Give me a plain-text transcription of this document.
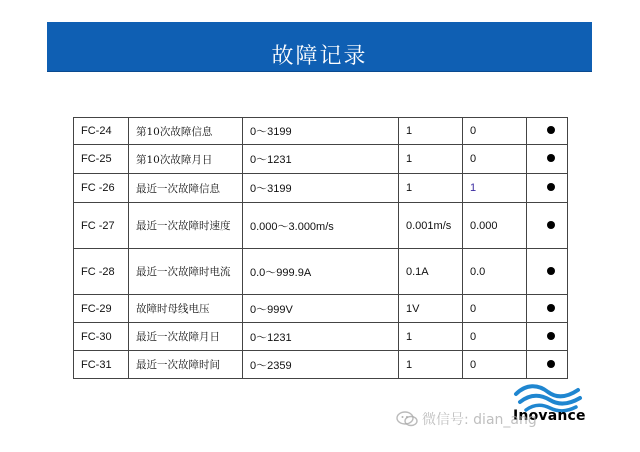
故障记录
FC-24	第10次故障信息	0～3199	1	0	
FC-25	第10次故障月日	0～1231	1	0	
FC -26	最近一次故障信息	0～3199	1	1	
FC -27	最近一次故障时速度	0.000～3.000m/s	0.001m/s	0.000	
FC -28	最近一次故障时电流	0.0～999.9A	0.1A	0.0	
FC-29	故障时母线电压	0～999V	1V	0	
FC-30	最近一次故障月日	0～1231	1	0	
FC-31	最近一次故障时间	0～2359	1	0	
Inovance
微信号: dian_ang
